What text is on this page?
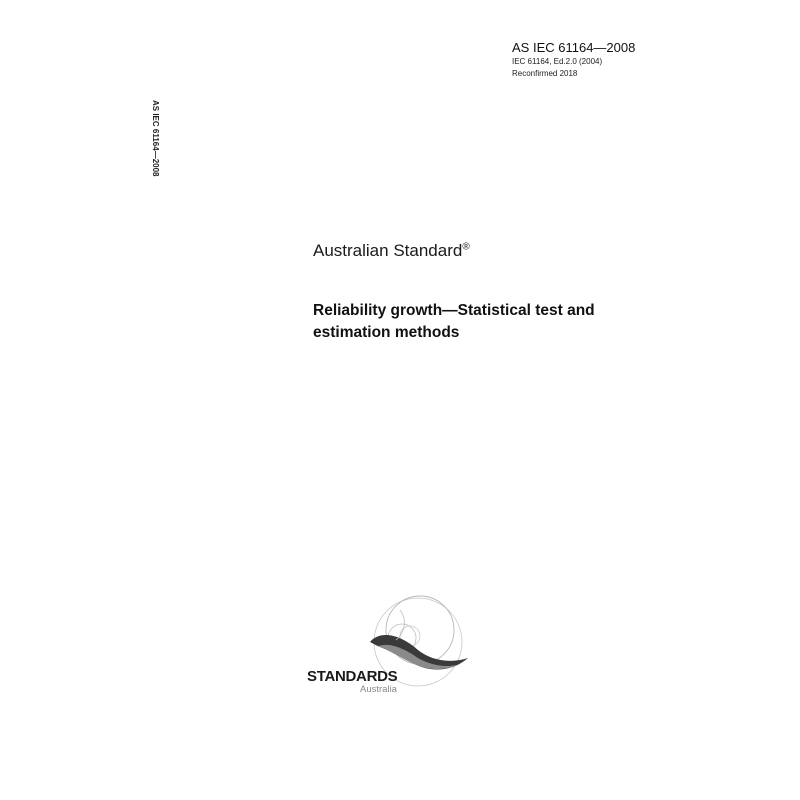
AS IEC 61164—2008
AS IEC 61164—2008
IEC 61164, Ed.2.0 (2004)
Reconfirmed 2018
Australian Standard®
Reliability growth—Statistical test and
estimation methods
STANDARDS
Australia
